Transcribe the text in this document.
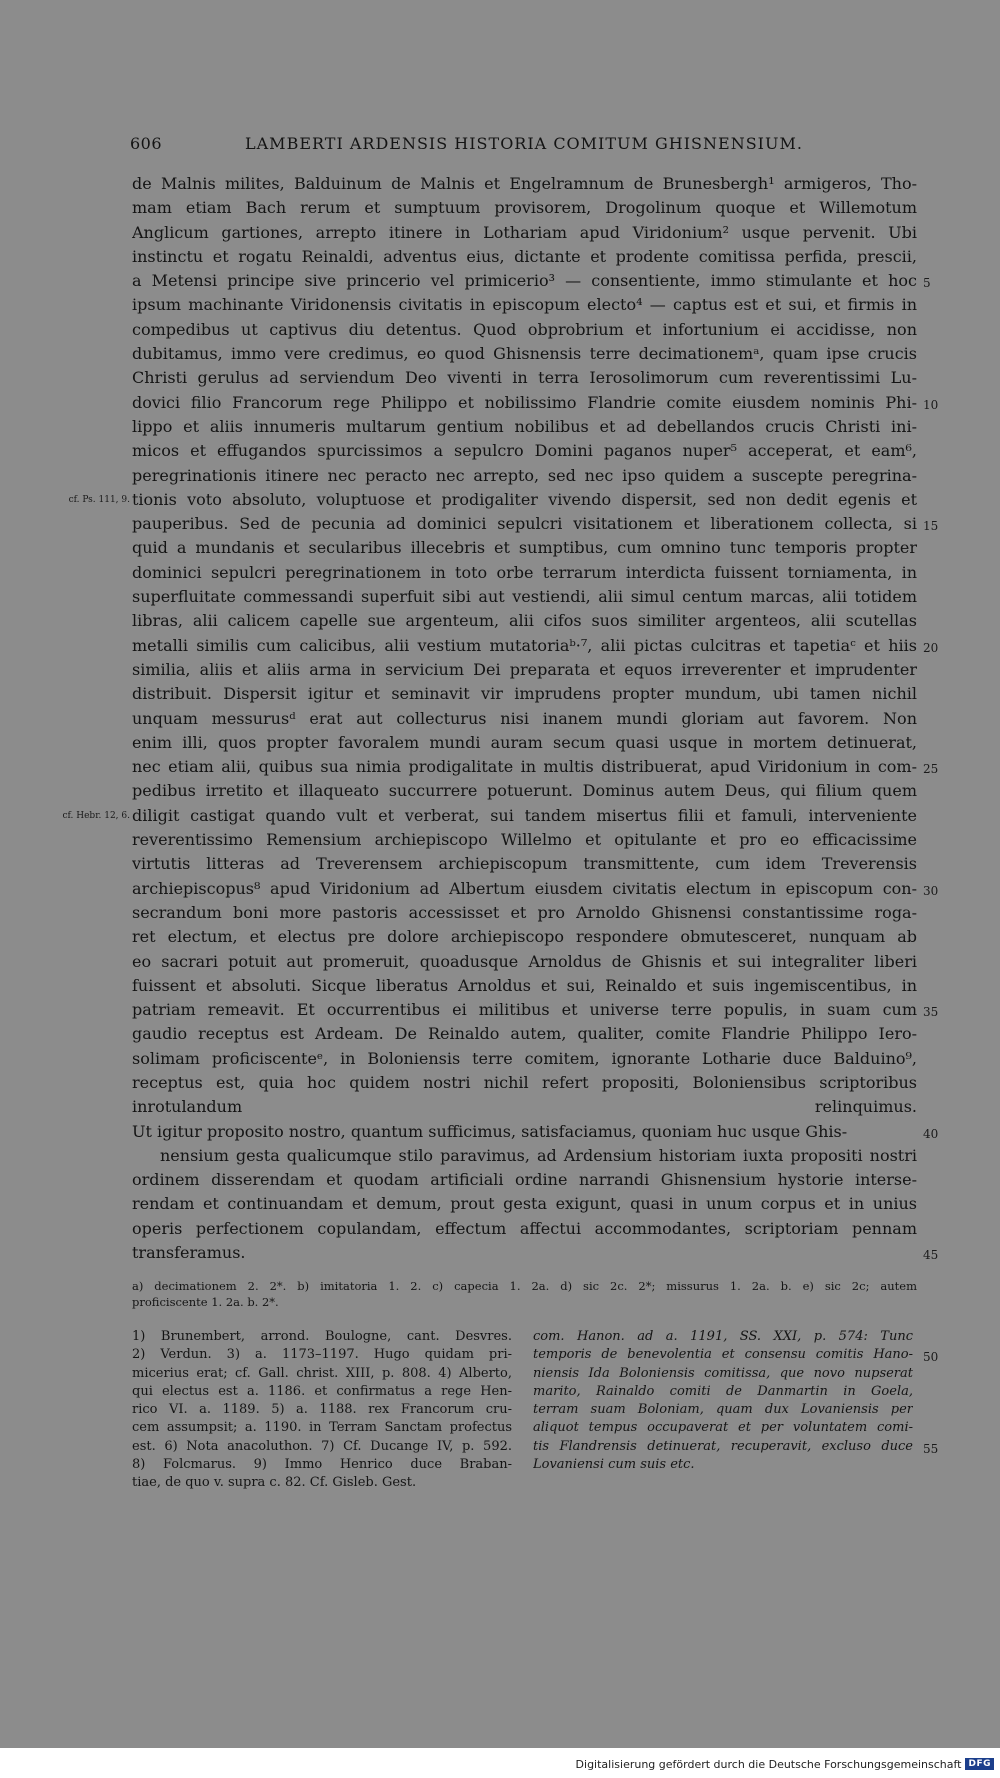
606	LAMBERTI ARDENSIS HISTORIA COMITUM GHISNENSIUM.
de Malnis milites, Balduinum de Malnis et Engelramnum de Brunesbergh¹ armigeros, Tho-
mam etiam Bach rerum et sumptuum provisorem, Drogolinum quoque et Willemotum
Anglicum gartiones, arrepto itinere in Lothariam apud Viridonium² usque pervenit. Ubi
instinctu et rogatu Reinaldi, adventus eius, dictante et prodente comitissa perfida, prescii,
a Metensi principe sive princerio vel primicerio³ — consentiente, immo stimulante et hoc
ipsum machinante Viridonensis civitatis in episcopum electo⁴ — captus est et sui, et firmis in
compedibus ut captivus diu detentus. Quod obprobrium et infortunium ei accidisse, non
dubitamus, immo vere credimus, eo quod Ghisnensis terre decimationemᵃ, quam ipse crucis
Christi gerulus ad serviendum Deo viventi in terra Ierosolimorum cum reverentissimi Lu-
dovici filio Francorum rege Philippo et nobilissimo Flandrie comite eiusdem nominis Phi-
lippo et aliis innumeris multarum gentium nobilibus et ad debellandos crucis Christi ini-
micos et effugandos spurcissimos a sepulcro Domini paganos nuper⁵ acceperat, et eam⁶,
peregrinationis itinere nec peracto nec arrepto, sed nec ipso quidem a suscepte peregrina-
tionis voto absoluto, voluptuose et prodigaliter vivendo dispersit, sed non dedit egenis et
pauperibus. Sed de pecunia ad dominici sepulcri visitationem et liberationem collecta, si
quid a mundanis et secularibus illecebris et sumptibus, cum omnino tunc temporis propter
dominici sepulcri peregrinationem in toto orbe terrarum interdicta fuissent torniamenta, in
superfluitate commessandi superfuit sibi aut vestiendi, alii simul centum marcas, alii totidem
libras, alii calicem capelle sue argenteum, alii cifos suos similiter argenteos, alii scutellas
metalli similis cum calicibus, alii vestium mutatoriaᵇ·⁷, alii pictas culcitras et tapetiaᶜ et hiis
similia, aliis et aliis arma in servicium Dei preparata et equos irreverenter et imprudenter
distribuit. Dispersit igitur et seminavit vir imprudens propter mundum, ubi tamen nichil
unquam messurusᵈ erat aut collecturus nisi inanem mundi gloriam aut favorem. Non
enim illi, quos propter favoralem mundi auram secum quasi usque in mortem detinuerat,
nec etiam alii, quibus sua nimia prodigalitate in multis distribuerat, apud Viridonium in com-
pedibus irretito et illaqueato succurrere potuerunt. Dominus autem Deus, qui filium quem
diligit castigat quando vult et verberat, sui tandem misertus filii et famuli, interveniente
reverentissimo Remensium archiepiscopo Willelmo et opitulante et pro eo efficacissime
virtutis litteras ad Treverensem archiepiscopum transmittente, cum idem Treverensis
archiepiscopus⁸ apud Viridonium ad Albertum eiusdem civitatis electum in episcopum con-
secrandum boni more pastoris accessisset et pro Arnoldo Ghisnensi constantissime roga-
ret electum, et electus pre dolore archiepiscopo respondere obmutesceret, nunquam ab
eo sacrari potuit aut promeruit, quoadusque Arnoldus de Ghisnis et sui integraliter liberi
fuissent et absoluti. Sicque liberatus Arnoldus et sui, Reinaldo et suis ingemiscentibus, in
patriam remeavit. Et occurrentibus ei militibus et universe terre populis, in suam cum
gaudio receptus est Ardeam. De Reinaldo autem, qualiter, comite Flandrie Philippo Iero-
solimam proficiscenteᵉ, in Boloniensis terre comitem, ignorante Lotharie duce Balduino⁹,
receptus est, quia hoc quidem nostri nichil refert propositi, Boloniensibus scriptoribus
inrotulandum relinquimus.
Ut igitur proposito nostro, quantum sufficimus, satisfaciamus, quoniam huc usque Ghis-
nensium gesta qualicumque stilo paravimus, ad Ardensium historiam iuxta propositi nostri
ordinem disserendam et quodam artificiali ordine narrandi Ghisnensium hystorie interse-
rendam et continuandam et demum, prout gesta exigunt, quasi in unum corpus et in unius
operis perfectionem copulandam, effectum affectui accommodantes, scriptoriam pennam
transferamus.
5
10
15
20
25
30
35
40
45
cf. Ps. 111, 9.
cf. Hebr. 12, 6.
50
55
a) decimationem 2. 2*. b) imitatoria 1. 2. c) capecia 1. 2a. d) sic 2c. 2*; missurus 1. 2a. b. e) sic 2c; autem
proficiscente 1. 2a. b. 2*.
1) Brunembert, arrond. Boulogne, cant. Desvres.
2) Verdun. 3) a. 1173–1197. Hugo quidam pri-
micerius erat; cf. Gall. christ. XIII, p. 808. 4) Alberto,
qui electus est a. 1186. et confirmatus a rege Hen-
rico VI. a. 1189. 5) a. 1188. rex Francorum cru-
cem assumpsit; a. 1190. in Terram Sanctam profectus
est. 6) Nota anacoluthon. 7) Cf. Ducange IV, p. 592.
8) Folcmarus. 9) Immo Henrico duce Braban-
tiae, de quo v. supra c. 82. Cf. Gisleb. Gest.
com. Hanon. ad a. 1191, SS. XXI, p. 574: Tunc
temporis de benevolentia et consensu comitis Hano-
niensis Ida Boloniensis comitissa, que novo nupserat
marito, Rainaldo comiti de Danmartin in Goela,
terram suam Boloniam, quam dux Lovaniensis per
aliquot tempus occupaverat et per voluntatem comi-
tis Flandrensis detinuerat, recuperavit, excluso duce
Lovaniensi cum suis etc.
Digitalisierung gefördert durch die Deutsche Forschungsgemeinschaft DFG
